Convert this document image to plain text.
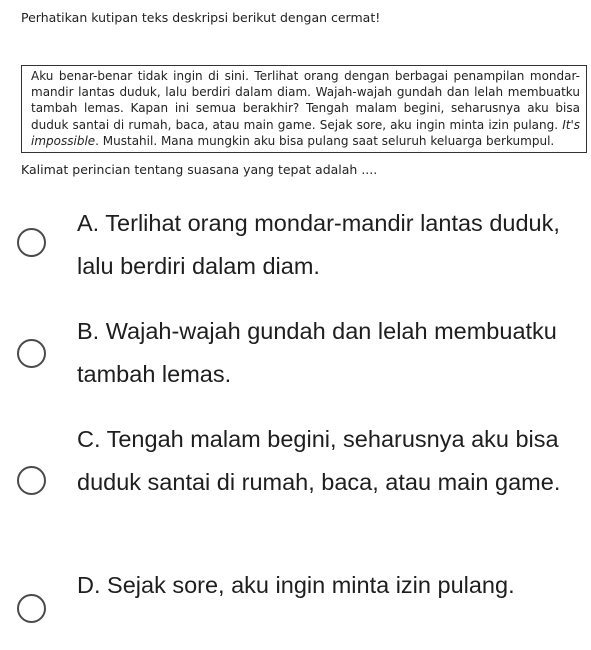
Perhatikan kutipan teks deskripsi berikut dengan cermat!
Aku benar-benar tidak ingin di sini. Terlihat orang dengan berbagai penampilan mondar-mandir lantas duduk, lalu berdiri dalam diam. Wajah-wajah gundah dan lelah membuatku tambah lemas. Kapan ini semua berakhir? Tengah malam begini, seharusnya aku bisa duduk santai di rumah, baca, atau main game. Sejak sore, aku ingin minta izin pulang. It's impossible. Mustahil. Mana mungkin aku bisa pulang saat seluruh keluarga berkumpul.
Kalimat perincian tentang suasana yang tepat adalah ....
A. Terlihat orang mondar-mandir lantas duduk, lalu berdiri dalam diam.
B. Wajah-wajah gundah dan lelah membuatku tambah lemas.
C. Tengah malam begini, seharusnya aku bisa duduk santai di rumah, baca, atau main game.
D. Sejak sore, aku ingin minta izin pulang.
